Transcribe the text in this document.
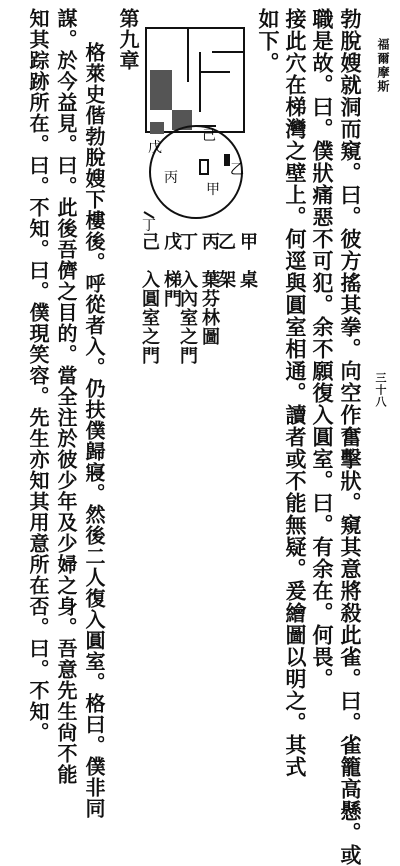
福爾摩斯
三十八
勃脫嫂就洞而窺。曰。彼方搖其拳。向空作奮擊狀。窺其意將殺此雀。曰。雀籠高懸。或
職是故。曰。僕狀痛惡不可犯。余不願復入圓室。曰。有余在。何畏。
接此穴在梯灣之壁上。何逕與圓室相通。讀者或不能無疑。爰繪圖以明之。其式
如下。
甲　桌
乙　架
丙　葉芬林圖
丁　入內室之門
戊　梯門
己　入圓室之門
戊
己
乙
丙
甲
丁
第九章
格萊史偕勃脫嫂下樓後。呼從者入。仍扶僕歸寢。然後二人復入圓室。格曰。僕非同
謀。於今益見。曰。此後吾儕之目的。當全注於彼少年及少婦之身。吾意先生尙不能
知其踪跡所在。曰。不知。曰。僕現笑容。先生亦知其用意所在否。曰。不知。
